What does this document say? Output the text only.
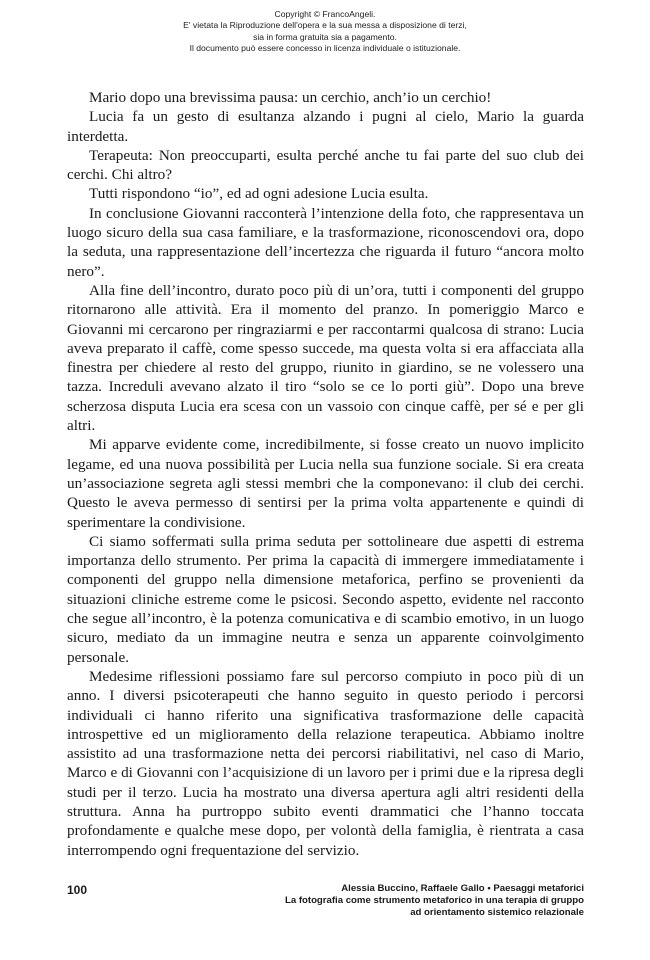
Copyright © FrancoAngeli.
E' vietata la Riproduzione dell'opera e la sua messa a disposizione di terzi,
sia in forma gratuita sia a pagamento.
Il documento può essere concesso in licenza individuale o istituzionale.

Mario dopo una brevissima pausa: un cerchio, anch’io un cerchio!

Lucia fa un gesto di esultanza alzando i pugni al cielo, Mario la guarda interdetta.

Terapeuta: Non preoccuparti, esulta perché anche tu fai parte del suo club dei cerchi. Chi altro?

Tutti rispondono “io”, ed ad ogni adesione Lucia esulta.

In conclusione Giovanni racconterà l’intenzione della foto, che rappresentava un luogo sicuro della sua casa familiare, e la trasformazione, riconoscendovi ora, dopo la seduta, una rappresentazione dell’incertezza che riguarda il futuro “ancora molto nero”.

Alla fine dell’incontro, durato poco più di un’ora, tutti i componenti del gruppo ritornarono alle attività. Era il momento del pranzo. In pomeriggio Marco e Giovanni mi cercarono per ringraziarmi e per raccontarmi qualcosa di strano: Lucia aveva preparato il caffè, come spesso succede, ma questa volta si era affacciata alla finestra per chiedere al resto del gruppo, riunito in giardino, se ne volessero una tazza. Increduli avevano alzato il tiro “solo se ce lo porti giù”. Dopo una breve scherzosa disputa Lucia era scesa con un vassoio con cinque caffè, per sé e per gli altri.

Mi apparve evidente come, incredibilmente, si fosse creato un nuovo implicito legame, ed una nuova possibilità per Lucia nella sua funzione sociale. Si era creata un’associazione segreta agli stessi membri che la componevano: il club dei cerchi. Questo le aveva permesso di sentirsi per la prima volta appartenente e quindi di sperimentare la condivisione.

Ci siamo soffermati sulla prima seduta per sottolineare due aspetti di estrema importanza dello strumento. Per prima la capacità di immergere immediatamente i componenti del gruppo nella dimensione metaforica, perfino se provenienti da situazioni cliniche estreme come le psicosi. Secondo aspetto, evidente nel racconto che segue all’incontro, è la potenza comunicativa e di scambio emotivo, in un luogo sicuro, mediato da un immagine neutra e senza un apparente coinvolgimento personale.

Medesime riflessioni possiamo fare sul percorso compiuto in poco più di un anno. I diversi psicoterapeuti che hanno seguito in questo periodo i percorsi individuali ci hanno riferito una significativa trasformazione delle capacità introspettive ed un miglioramento della relazione terapeutica. Abbiamo inoltre assistito ad una trasformazione netta dei percorsi riabilitativi, nel caso di Mario, Marco e di Giovanni con l’acquisizione di un lavoro per i primi due e la ripresa degli studi per il terzo. Lucia ha mostrato una diversa apertura agli altri residenti della struttura. Anna ha purtroppo subito eventi drammatici che l’hanno toccata profondamente e qualche mese dopo, per volontà della famiglia, è rientrata a casa interrompendo ogni frequentazione del servizio.

100	Alessia Buccino, Raffaele Gallo • Paesaggi metaforici
La fotografia come strumento metaforico in una terapia di gruppo
ad orientamento sistemico relazionale
